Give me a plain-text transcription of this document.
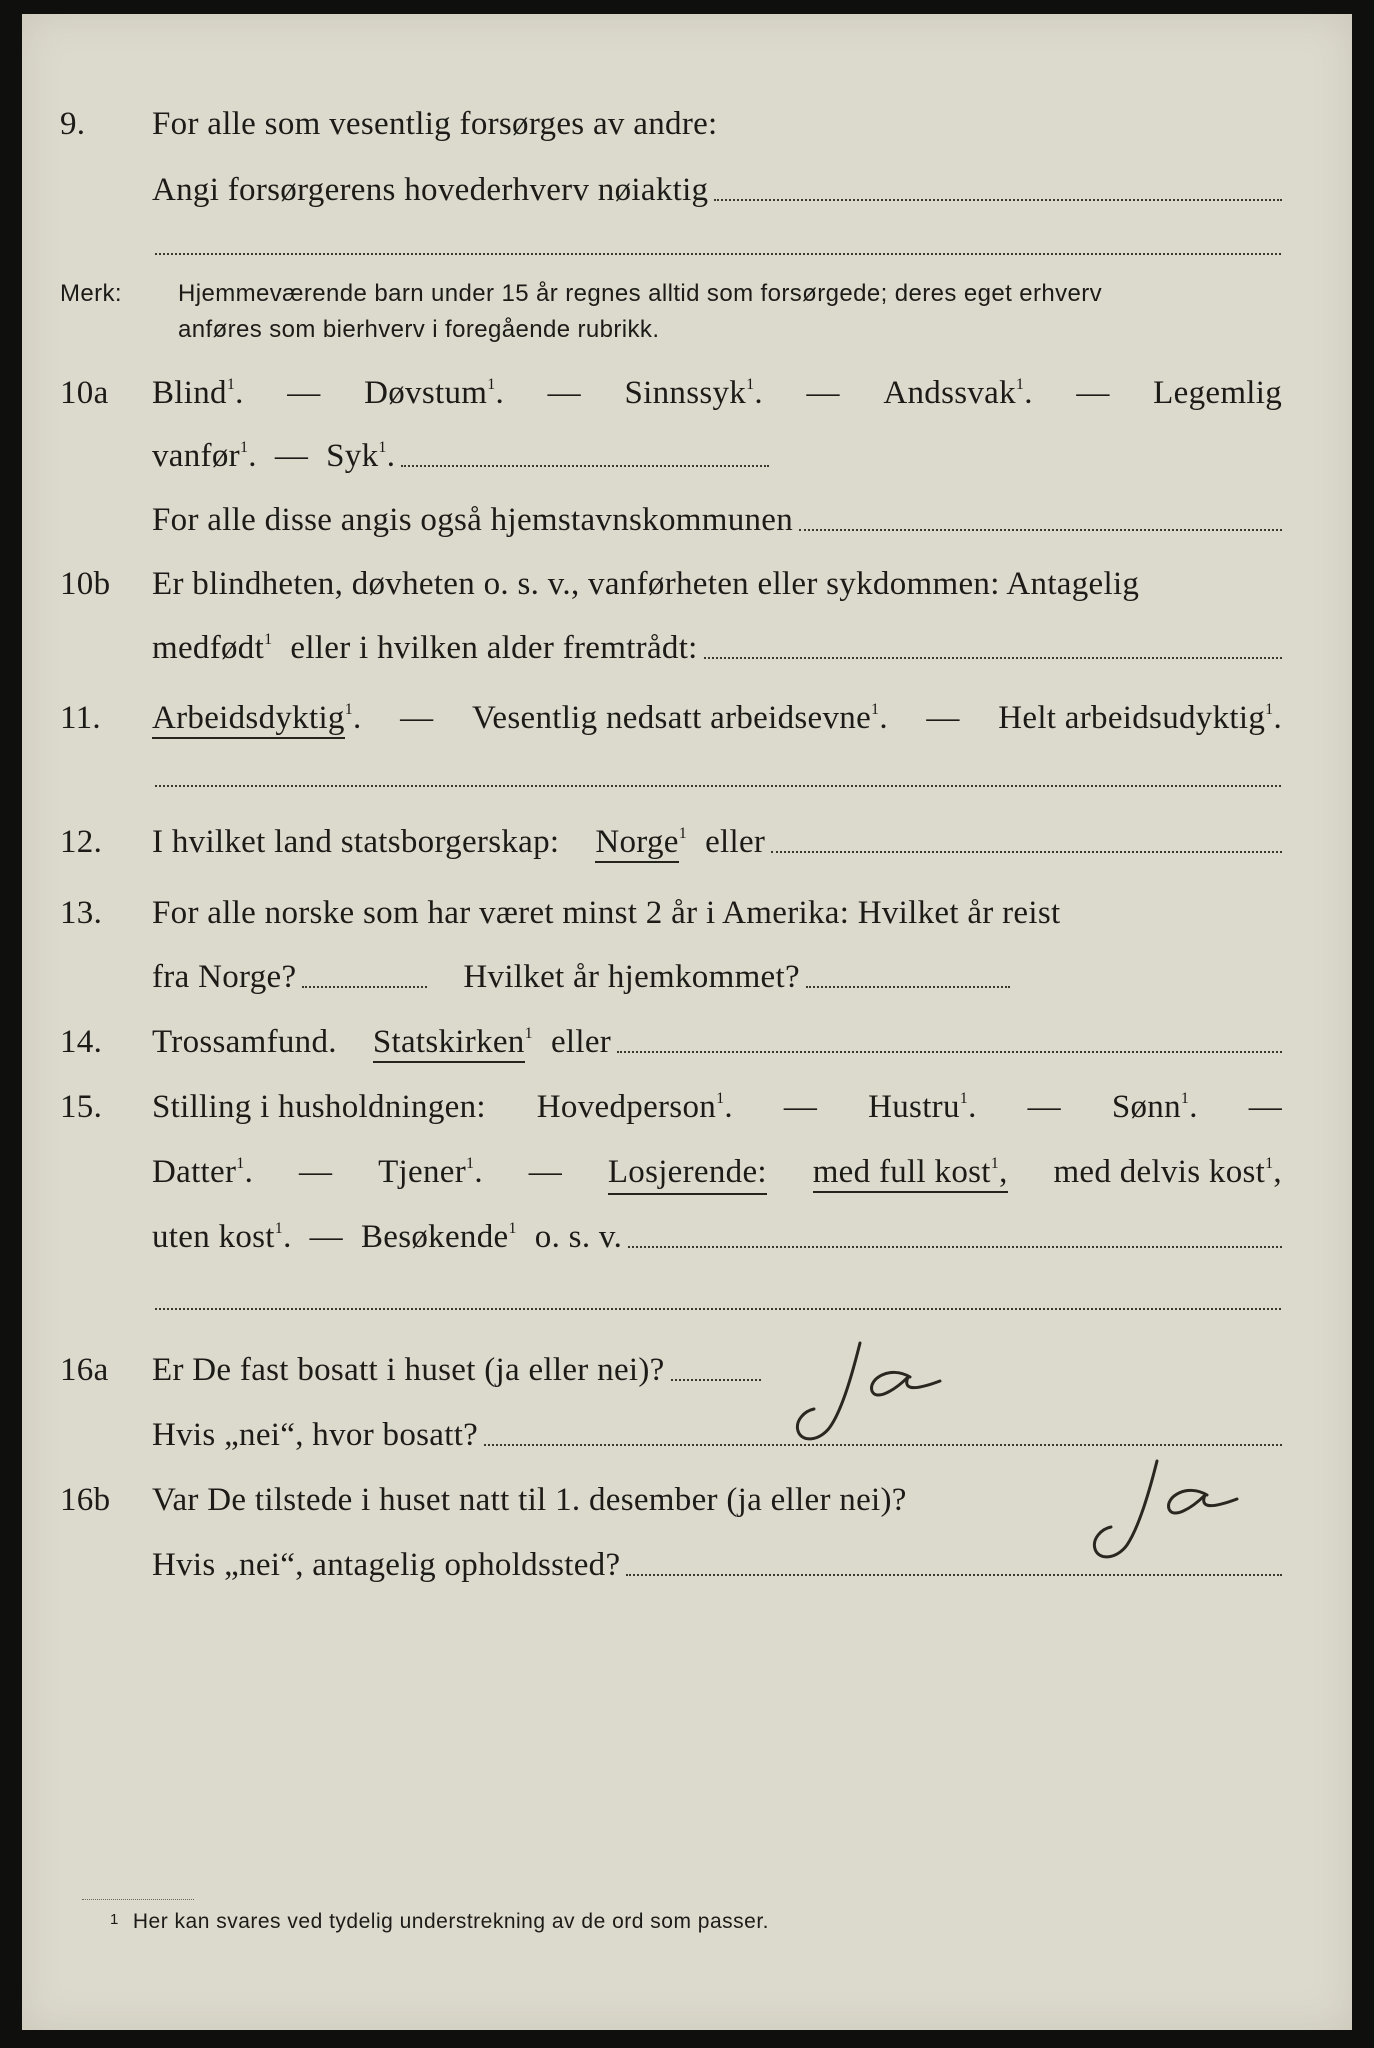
9.	For alle som vesentlig forsørges av andre:
Angi forsørgerens hovederhverv nøiaktig
Merk: Hjemmeværende barn under 15 år regnes alltid som forsørgede; deres eget erhverv
anføres som bierhverv i foregående rubrikk.
10a	Blind$^1$. — Døvstum$^1$. — Sinnssyk$^1$. — Andssvak$^1$. — Legemlig
vanfør$^1$. — Syk$^1$.
For alle disse angis også hjemstavnskommunen
10b	Er blindheten, døvheten o. s. v., vanførheten eller sykdommen: Antagelig
medfødt$^1$ eller i hvilken alder fremtrådt:
11.	Arbeidsdyktig$^1$. — Vesentlig nedsatt arbeidsevne$^1$. — Helt arbeidsudyktig$^1$.
12.	I hvilket land statsborgerskap: Norge$^1$ eller
13.	For alle norske som har været minst 2 år i Amerika: Hvilket år reist
fra Norge?	Hvilket år hjemkommet?
14.	Trossamfund. Statskirken$^1$ eller
15.	Stilling i husholdningen: Hovedperson$^1$. — Hustru$^1$. — Sønn$^1$. —
Datter$^1$. — Tjener$^1$. — Losjerende: med full kost$^1$, med delvis kost$^1$,
uten kost$^1$. — Besøkende$^1$ o. s. v.
16a	Er De fast bosatt i huset (ja eller nei)?
Hvis „nei“, hvor bosatt?
16b	Var De tilstede i huset natt til 1. desember (ja eller nei)?
Hvis „nei“, antagelig opholdssted?
1 Her kan svares ved tydelig understrekning av de ord som passer.
